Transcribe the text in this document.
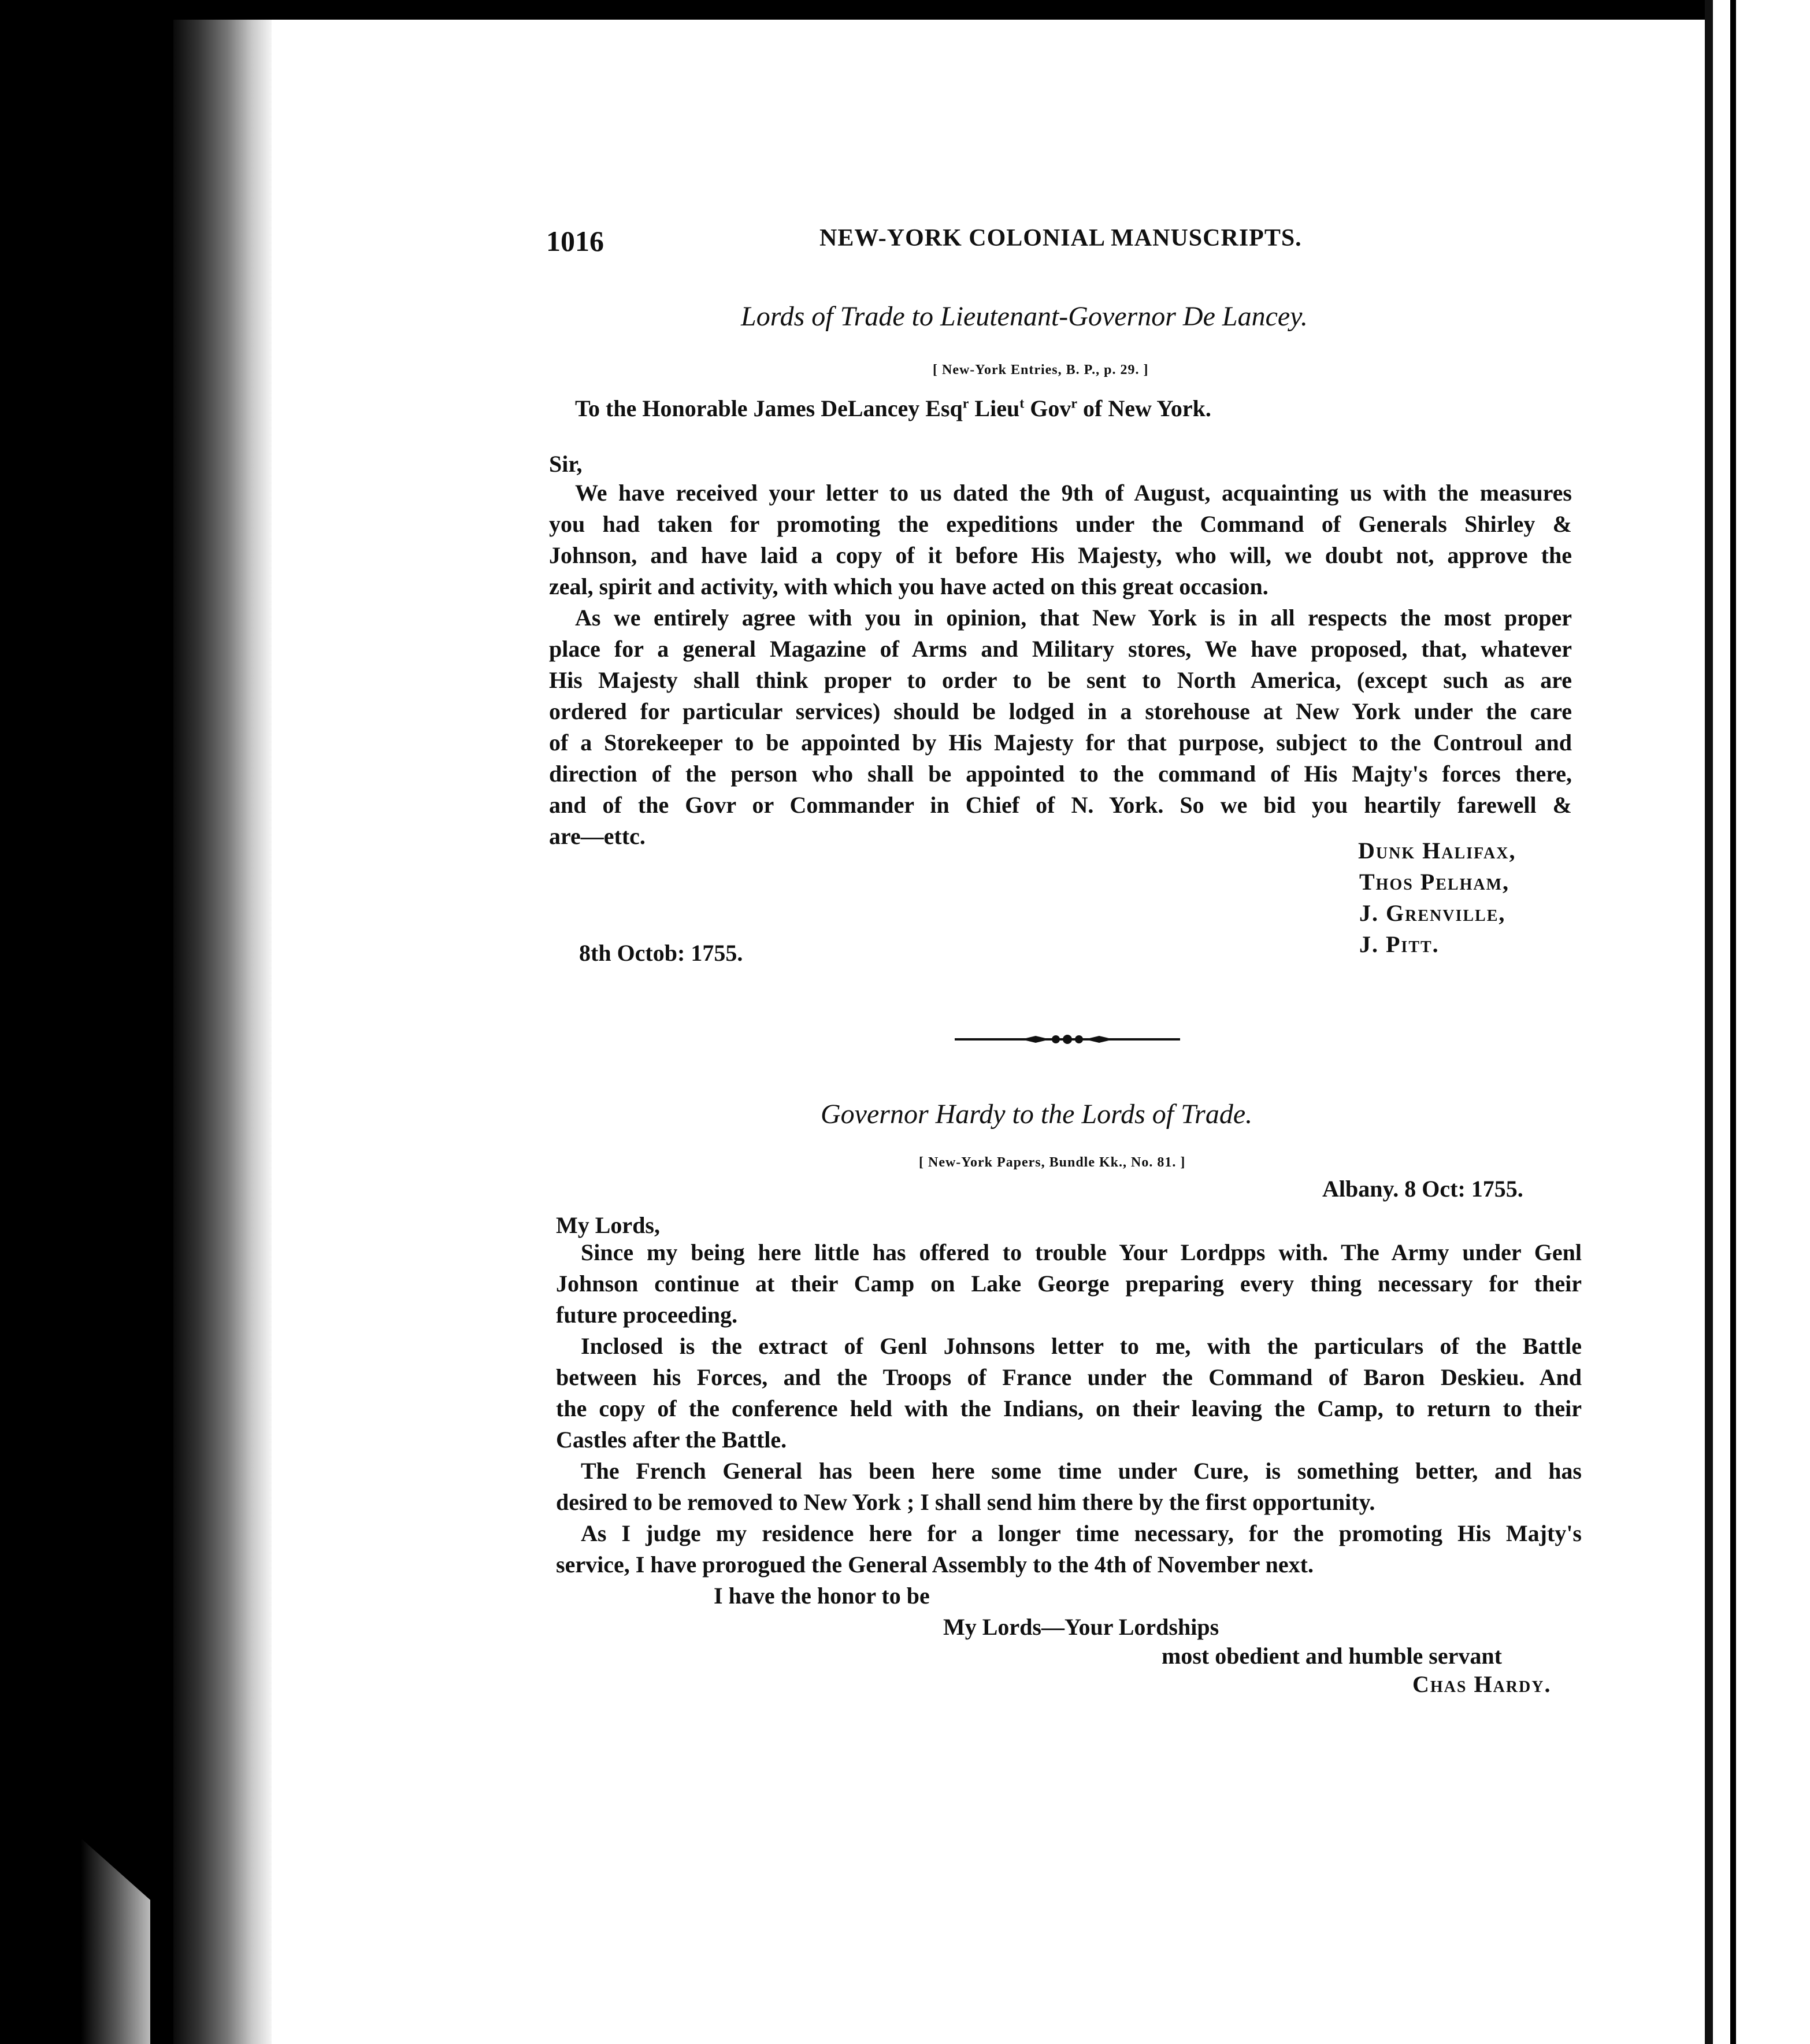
1016	NEW-YORK COLONIAL MANUSCRIPTS.
Lords of Trade to Lieutenant-Governor De Lancey.
[ New-York Entries, B. P., p. 29. ]
To the Honorable James DeLancey Esq$^r$ Lieu$^t$ Gov$^r$ of New York.
Sir,
We have received your letter to us dated the 9th of August, acquainting us with the measures
you had taken for promoting the expeditions under the Command of Generals Shirley &
Johnson, and have laid a copy of it before His Majesty, who will, we doubt not, approve the
zeal, spirit and activity, with which you have acted on this great occasion.
As we entirely agree with you in opinion, that New York is in all respects the most proper
place for a general Magazine of Arms and Military stores, We have proposed, that, whatever
His Majesty shall think proper to order to be sent to North America, (except such as are
ordered for particular services) should be lodged in a storehouse at New York under the care
of a Storekeeper to be appointed by His Majesty for that purpose, subject to the Controul and
direction of the person who shall be appointed to the command of His Majty's forces there,
and of the Govr or Commander in Chief of N. York. So we bid you heartily farewell &
are—ettc.
Dunk Halifax,
Thos Pelham,
J. Grenville,
J. Pitt.
8th Octob: 1755.
Governor Hardy to the Lords of Trade.
[ New-York Papers, Bundle Kk., No. 81. ]
Albany. 8 Oct: 1755.
My Lords,
Since my being here little has offered to trouble Your Lordpps with. The Army under Genl
Johnson continue at their Camp on Lake George preparing every thing necessary for their
future proceeding.
Inclosed is the extract of Genl Johnsons letter to me, with the particulars of the Battle
between his Forces, and the Troops of France under the Command of Baron Deskieu. And
the copy of the conference held with the Indians, on their leaving the Camp, to return to their
Castles after the Battle.
The French General has been here some time under Cure, is something better, and has
desired to be removed to New York ; I shall send him there by the first opportunity.
As I judge my residence here for a longer time necessary, for the promoting His Majty's
service, I have prorogued the General Assembly to the 4th of November next.
I have the honor to be
My Lords—Your Lordships
most obedient and humble servant
Chas Hardy.
